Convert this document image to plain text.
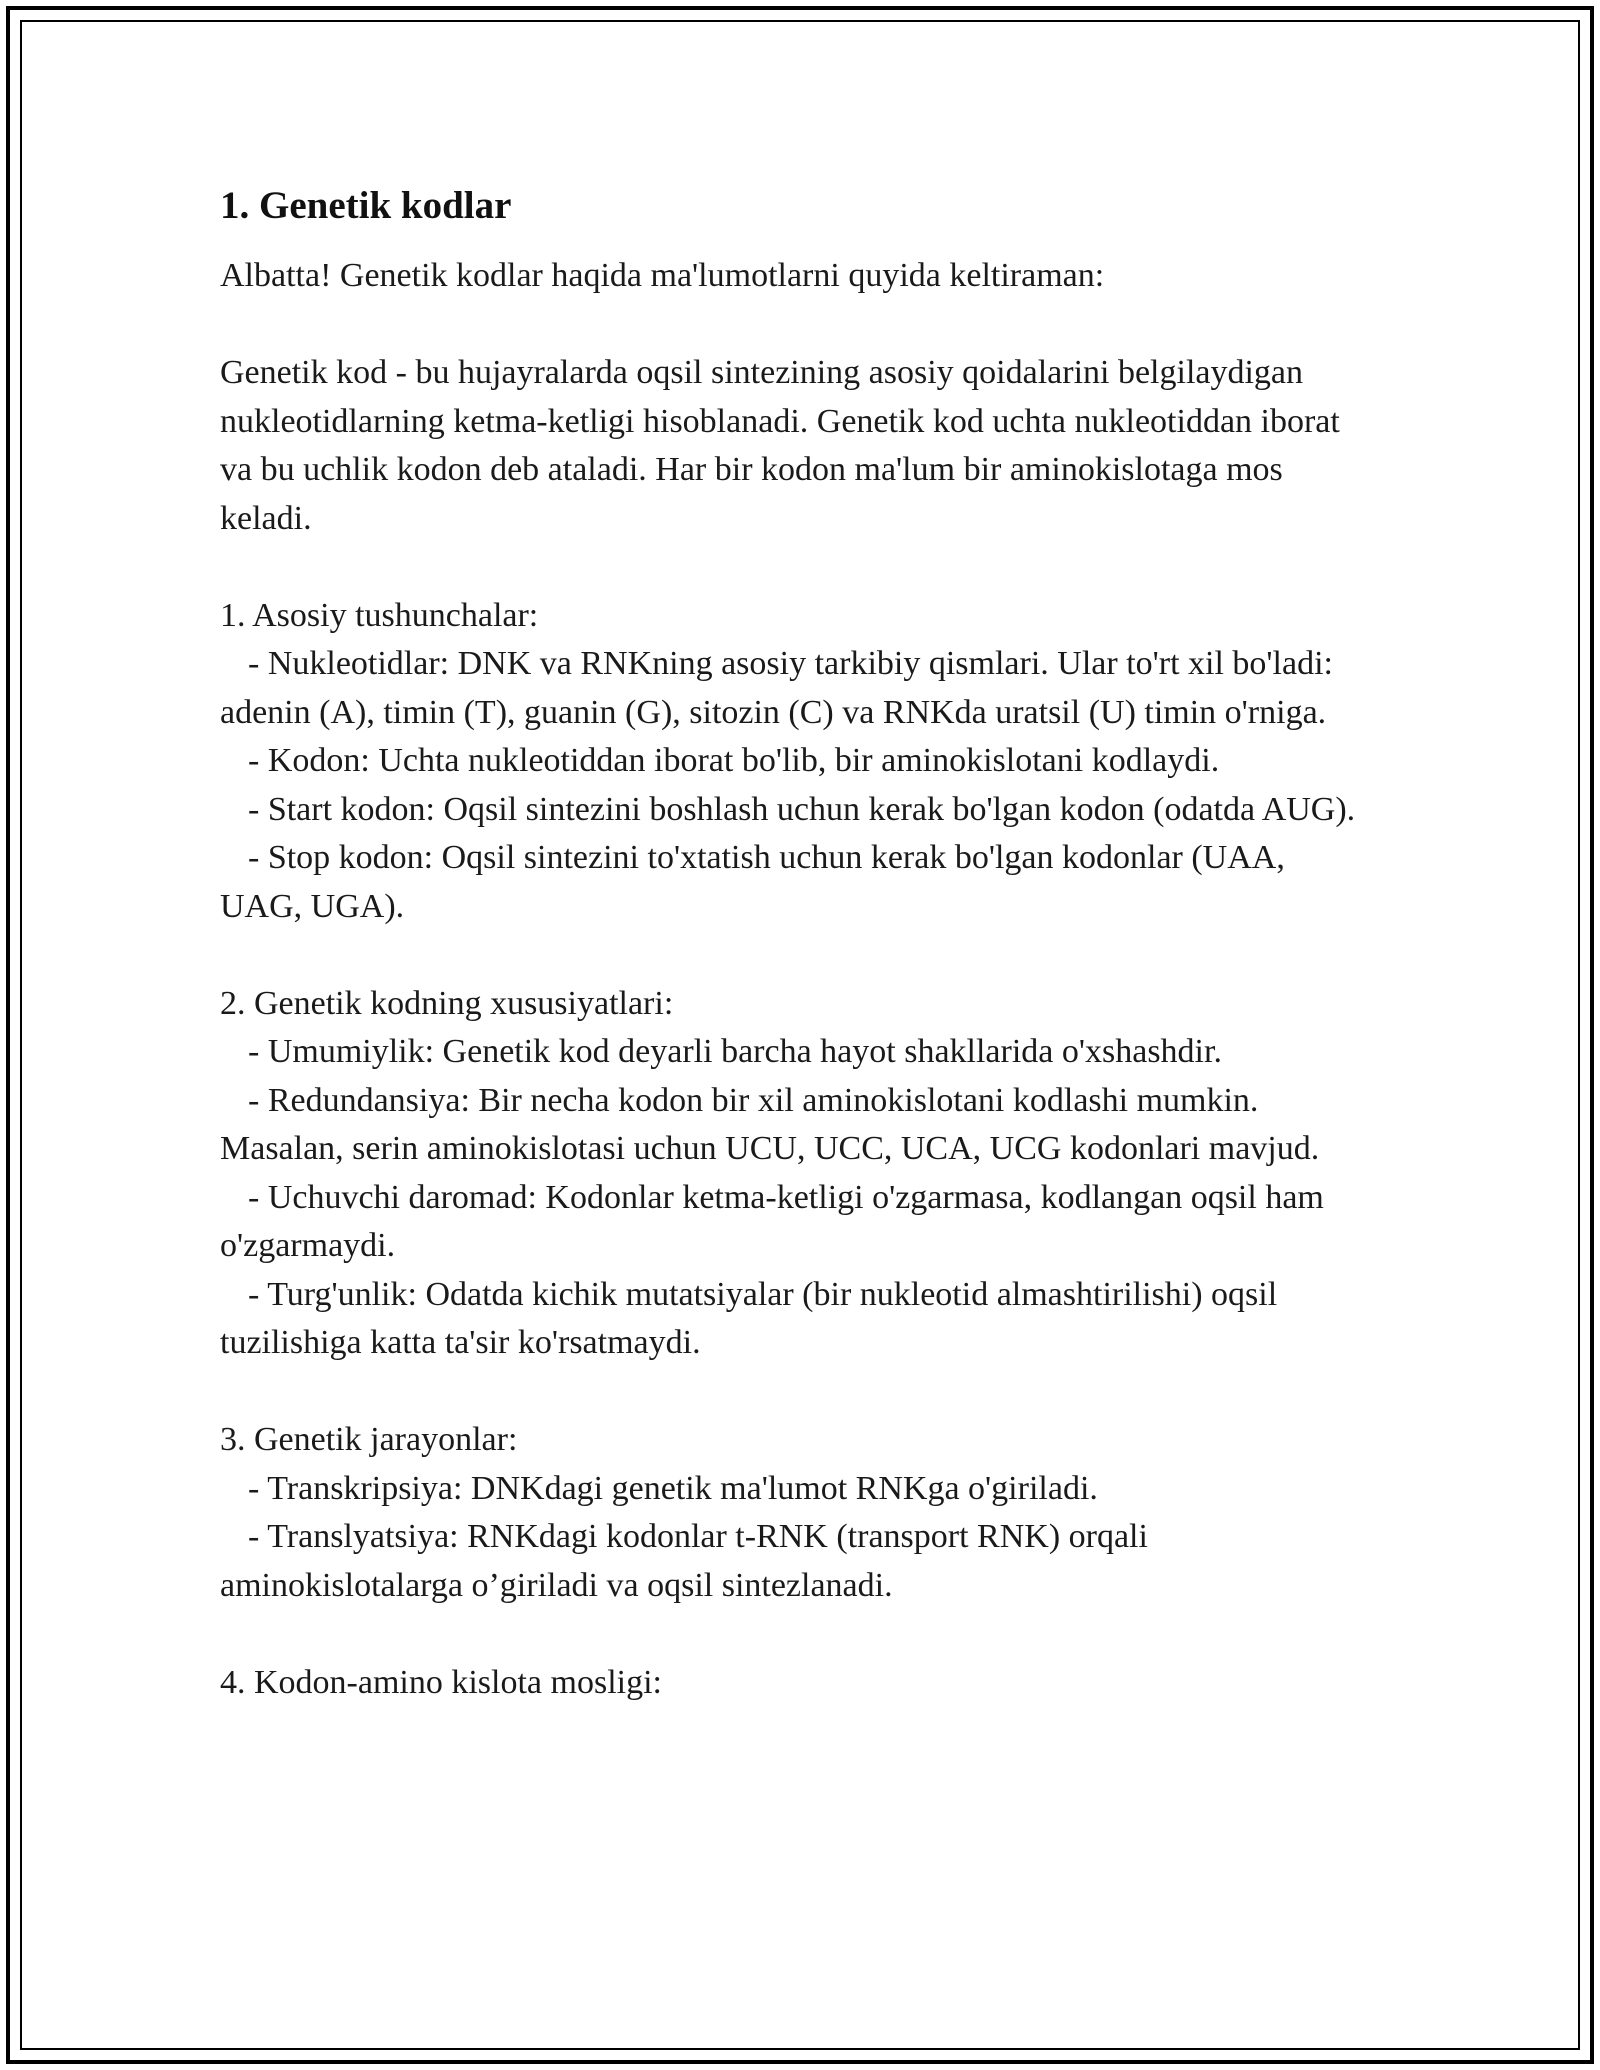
1. Genetik kodlar

Albatta! Genetik kodlar haqida ma'lumotlarni quyida keltiraman:

Genetik kod - bu hujayralarda oqsil sintezining asosiy qoidalarini belgilaydigan nukleotidlarning ketma-ketligi hisoblanadi. Genetik kod uchta nukleotiddan iborat va bu uchlik kodon deb ataladi. Har bir kodon ma'lum bir aminokislotaga mos keladi.

1. Asosiy tushunchalar:

- Nukleotidlar: DNK va RNKning asosiy tarkibiy qismlari. Ular to'rt xil bo'ladi: adenin (A), timin (T), guanin (G), sitozin (C) va RNKda uratsil (U) timin o'rniga.

- Kodon: Uchta nukleotiddan iborat bo'lib, bir aminokislotani kodlaydi.

- Start kodon: Oqsil sintezini boshlash uchun kerak bo'lgan kodon (odatda AUG).

- Stop kodon: Oqsil sintezini to'xtatish uchun kerak bo'lgan kodonlar (UAA, UAG, UGA).

2. Genetik kodning xususiyatlari:

- Umumiylik: Genetik kod deyarli barcha hayot shakllarida o'xshashdir.

- Redundansiya: Bir necha kodon bir xil aminokislotani kodlashi mumkin. Masalan, serin aminokislotasi uchun UCU, UCC, UCA, UCG kodonlari mavjud.

- Uchuvchi daromad: Kodonlar ketma-ketligi o'zgarmasa, kodlangan oqsil ham o'zgarmaydi.

- Turg'unlik: Odatda kichik mutatsiyalar (bir nukleotid almashtirilishi) oqsil tuzilishiga katta ta'sir ko'rsatmaydi.

3. Genetik jarayonlar:

- Transkripsiya: DNKdagi genetik ma'lumot RNKga o'giriladi.

- Translyatsiya: RNKdagi kodonlar t-RNK (transport RNK) orqali aminokislotalarga o’giriladi va oqsil sintezlanadi.

4. Kodon-amino kislota mosligi:
